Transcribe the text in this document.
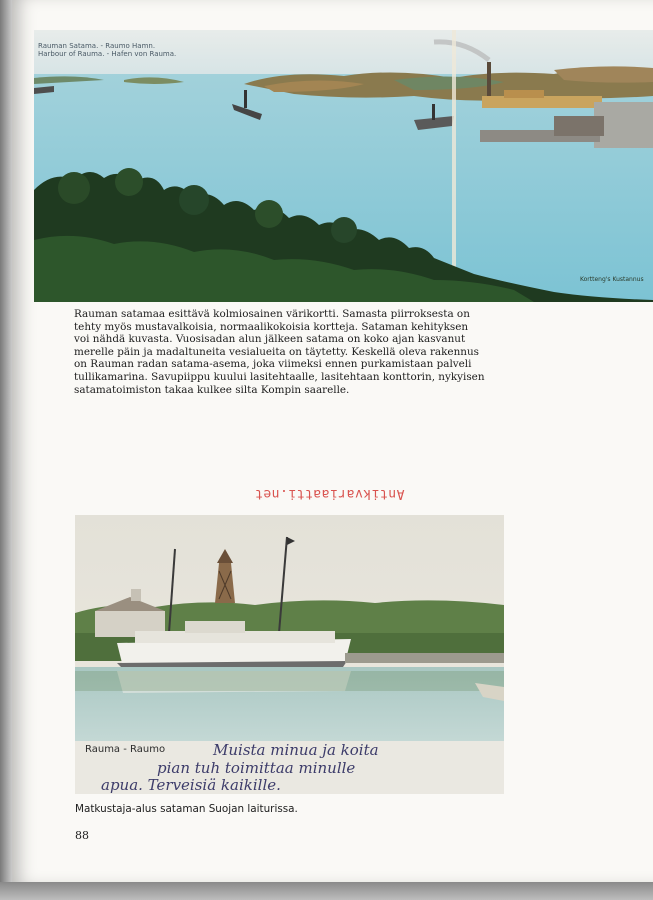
Rauman Satama. - Raumo Hamn.
Harbour of Rauma. - Hafen von Rauma.
Kortteng's Kustannus
Rauman satamaa esittävä kolmiosainen värikortti. Samasta piirroksesta on tehty myös mustavalkoisia, normaalikokoisia kortteja. Sataman kehityksen voi nähdä kuvasta. Vuosisadan alun jälkeen satama on koko ajan kasvanut merelle päin ja madaltuneita vesialueita on täytetty. Keskellä oleva rakennus on Rauman radan satama-asema, joka viimeksi ennen purkamistaan palveli tullikamarina. Savupiippu kuului lasitehtaalle, lasitehtaan konttorin, nykyisen satamatoimiston takaa kulkee silta Kompin saarelle.
Antikvariaatti.net
Rauma - Raumo	Muista minua ja koita
pian tuh toimittaa minulle
apua. Terveisiä kaikille.
Matkustaja-alus sataman Suojan laiturissa.
88
